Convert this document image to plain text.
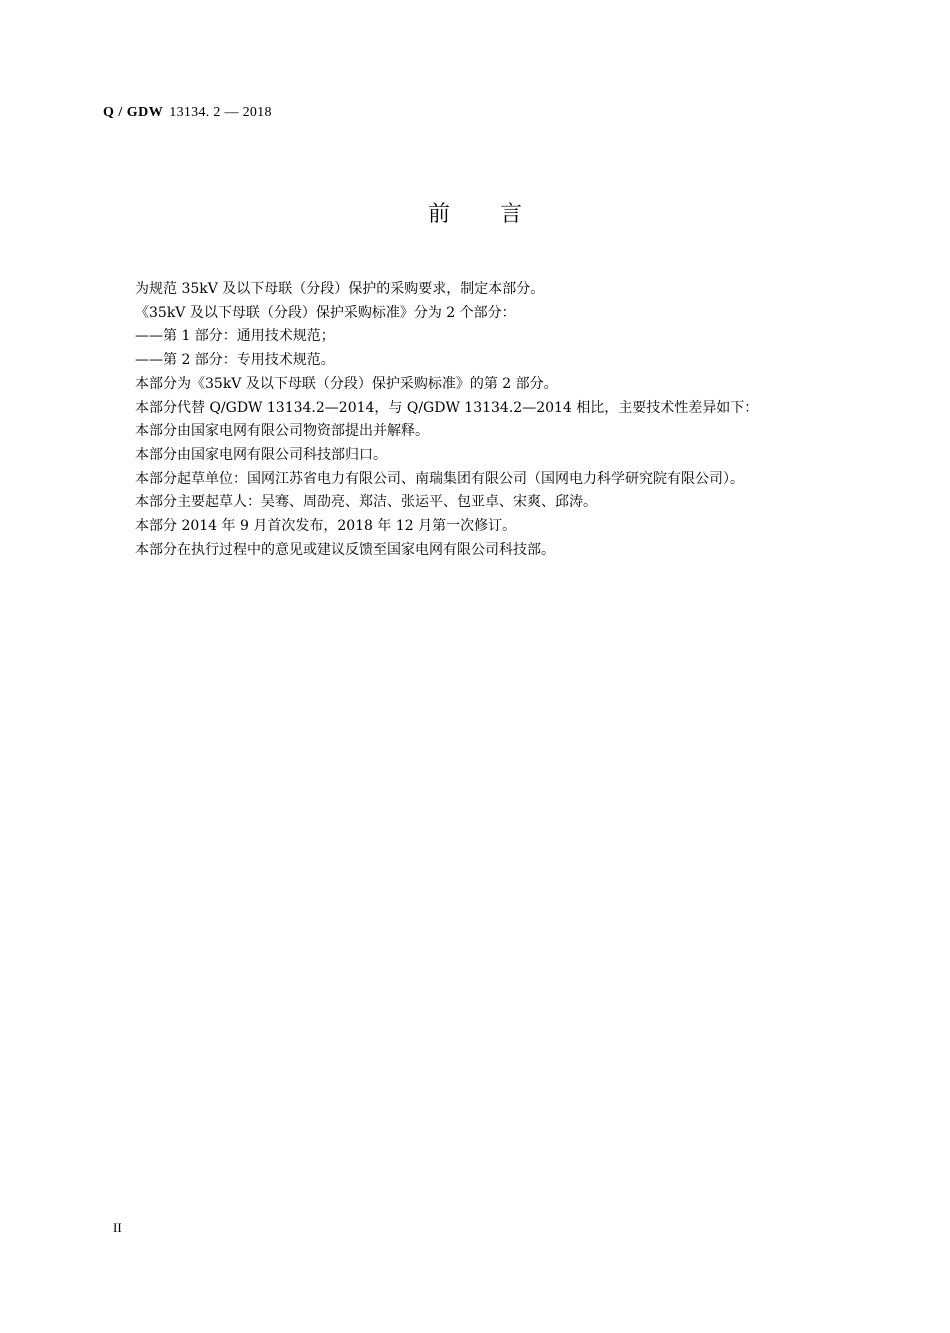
Q / GDW 13134. 2 — 2018
前言
为规范 35kV 及以下母联（分段）保护的采购要求，制定本部分。
《35kV 及以下母联（分段）保护采购标准》分为 2 个部分：
——第 1 部分：通用技术规范；
——第 2 部分：专用技术规范。
本部分为《35kV 及以下母联（分段）保护采购标准》的第 2 部分。
本部分代替 Q/GDW 13134.2—2014，与 Q/GDW 13134.2—2014 相比，主要技术性差异如下：
本部分由国家电网有限公司物资部提出并解释。
本部分由国家电网有限公司科技部归口。
本部分起草单位：国网江苏省电力有限公司、南瑞集团有限公司（国网电力科学研究院有限公司）。
本部分主要起草人：吴骞、周劭亮、郑洁、张运平、包亚卓、宋爽、邱涛。
本部分 2014 年 9 月首次发布，2018 年 12 月第一次修订。
本部分在执行过程中的意见或建议反馈至国家电网有限公司科技部。
II
